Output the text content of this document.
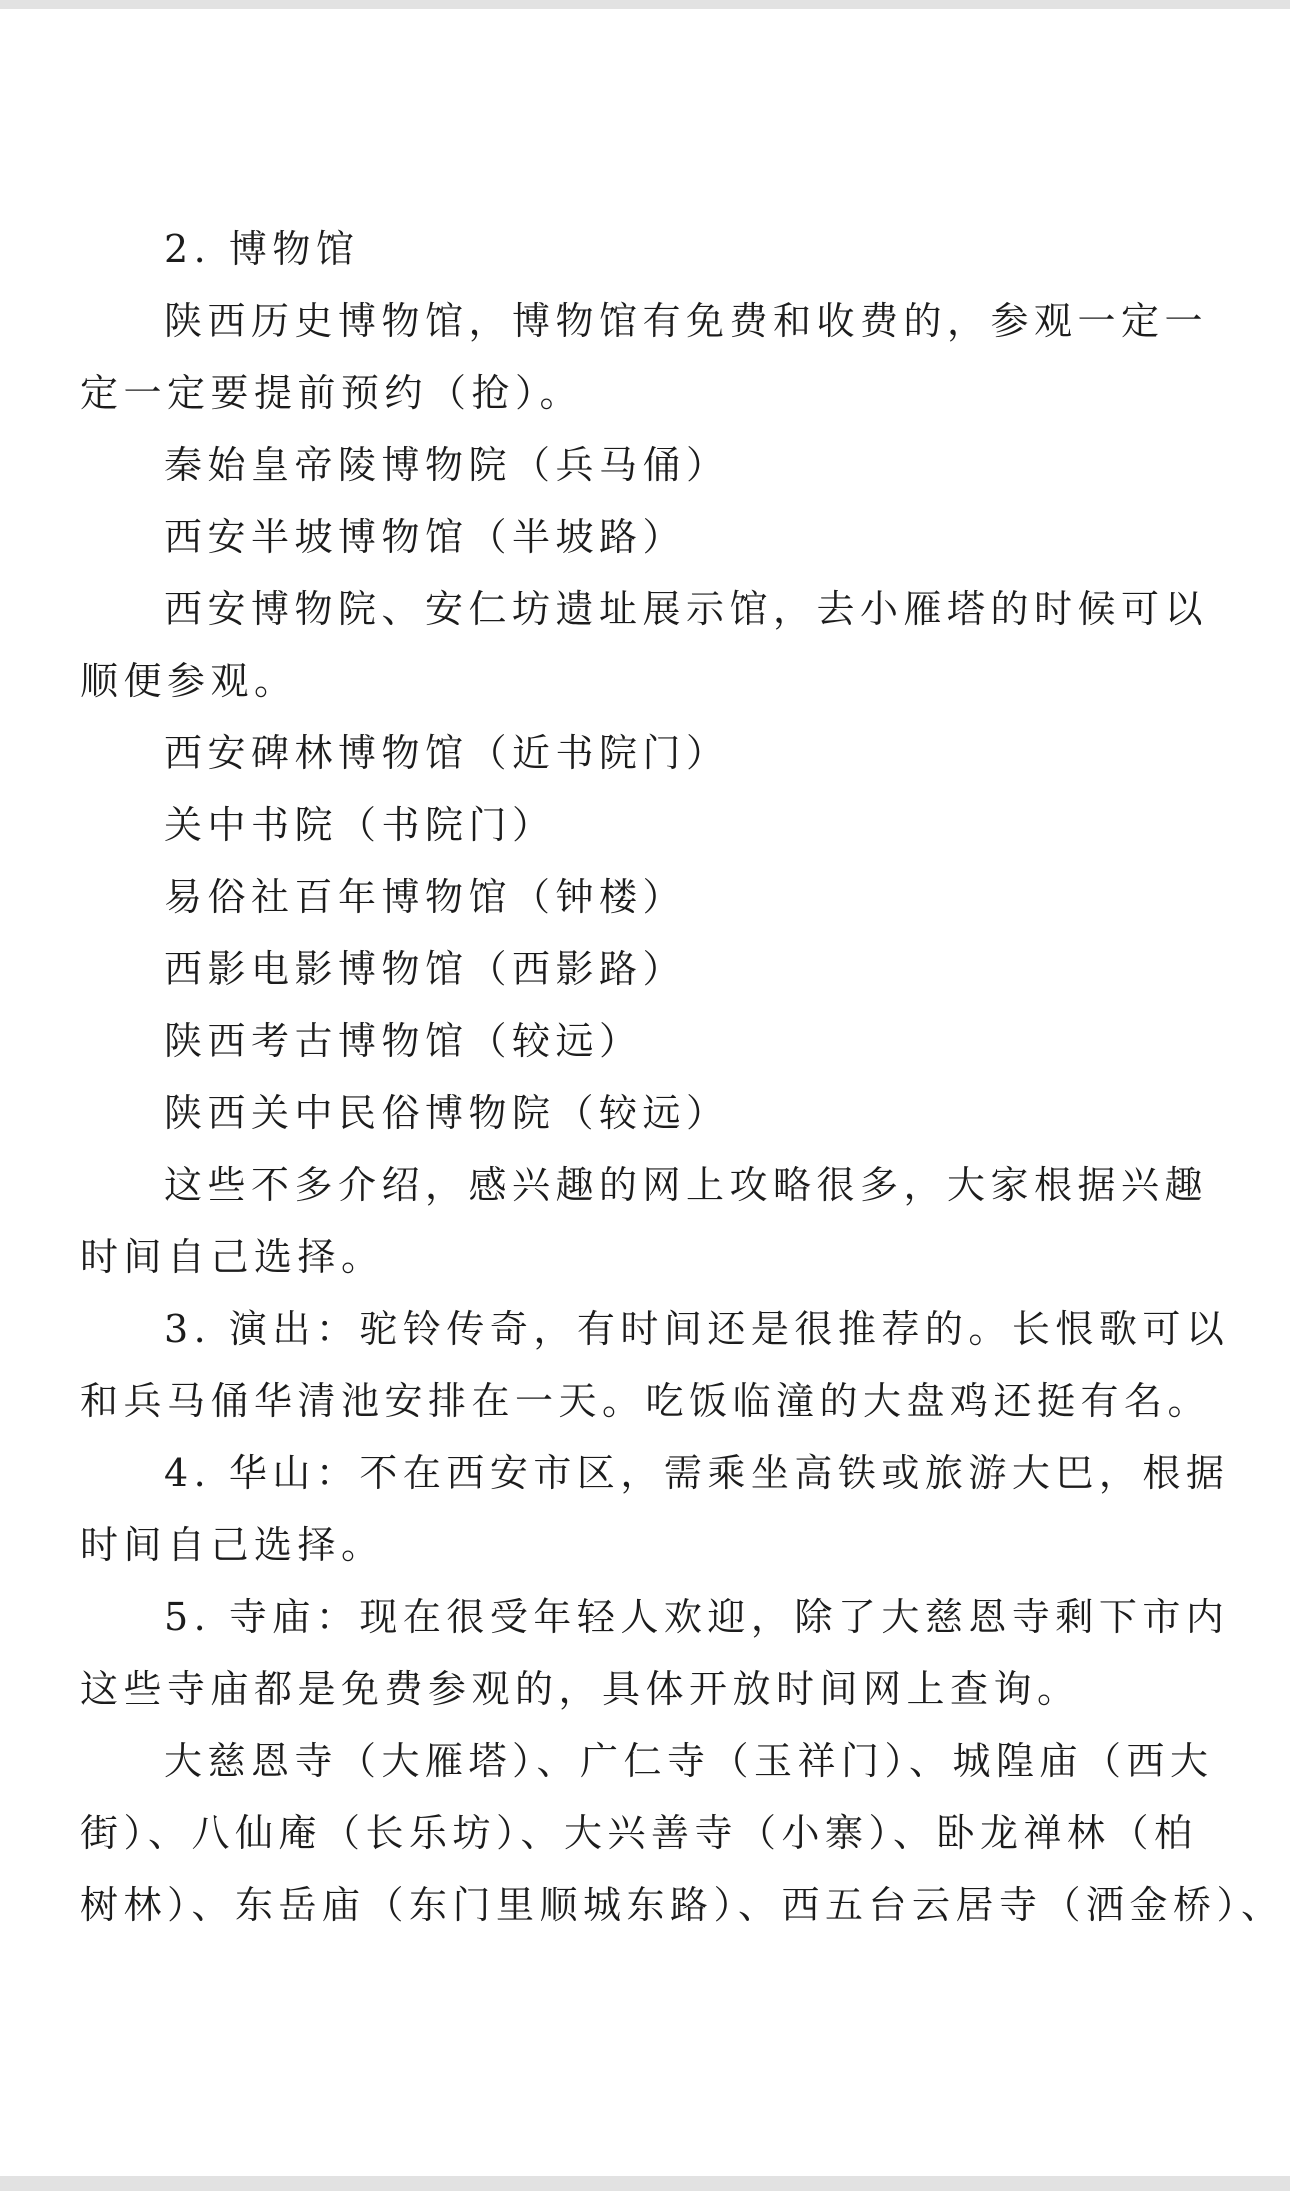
2. 博物馆
陕西历史博物馆，博物馆有免费和收费的，参观一定一
定一定要提前预约（抢）。
秦始皇帝陵博物院（兵马俑）
西安半坡博物馆（半坡路）
西安博物院、安仁坊遗址展示馆，去小雁塔的时候可以
顺便参观。
西安碑林博物馆（近书院门）
关中书院（书院门）
易俗社百年博物馆（钟楼）
西影电影博物馆（西影路）
陕西考古博物馆（较远）
陕西关中民俗博物院（较远）
这些不多介绍，感兴趣的网上攻略很多，大家根据兴趣
时间自己选择。
3. 演出：驼铃传奇，有时间还是很推荐的。长恨歌可以
和兵马俑华清池安排在一天。吃饭临潼的大盘鸡还挺有名。
4. 华山：不在西安市区，需乘坐高铁或旅游大巴，根据
时间自己选择。
5. 寺庙：现在很受年轻人欢迎，除了大慈恩寺剩下市内
这些寺庙都是免费参观的，具体开放时间网上查询。
大慈恩寺（大雁塔）、广仁寺（玉祥门）、城隍庙（西大
街）、八仙庵（长乐坊）、大兴善寺（小寨）、卧龙禅林（柏
树林）、东岳庙（东门里顺城东路）、西五台云居寺（洒金桥）、
